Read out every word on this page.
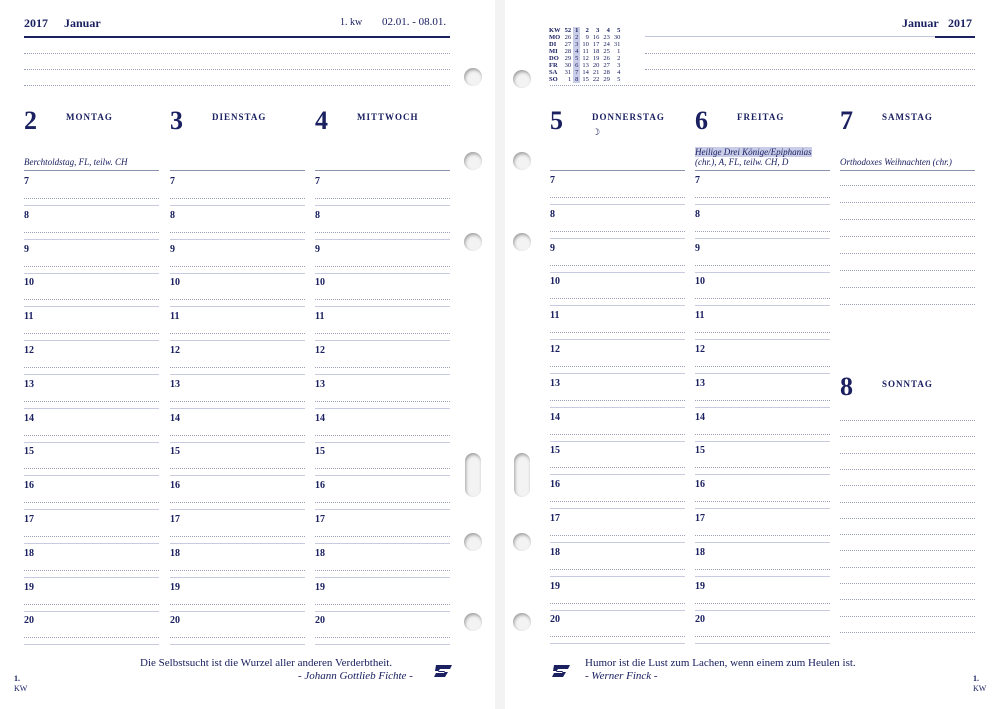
2017 Januar	1. kw 02.01. - 08.01.
2	MONTAG
Berchtoldstag, FL, teilw. CH
7
8
9
10
11
12
13
14
15
16
17
18
19
20
3	DIENSTAG
7
8
9
10
11
12
13
14
15
16
17
18
19
20
4	MITTWOCH
7
8
9
10
11
12
13
14
15
16
17
18
19
20
Die Selbstsucht ist die Wurzel aller anderen Verderbtheit.
- Johann Gottlieb Fichte -
1.
KW
KW	52	1	2	3	4	5
MO	26	2	9	16	23	30
DI	27	3	10	17	24	31
MI	28	4	11	18	25	1
DO	29	5	12	19	26	2
FR	30	6	13	20	27	3
SA	31	7	14	21	28	4
SO	1	8	15	22	29	5
Januar 2017
5	DONNERSTAG
7
8
9
10
11
12
13
14
15
16
17
18
19
20
6	FREITAG
Heilige Drei Könige/Epiphanias
(chr.), A, FL, teilw. CH, D
7
8
9
10
11
12
13
14
15
16
17
18
19
20
7	SAMSTAG
Orthodoxes Weihnachten (chr.)
8	SONNTAG
☽
Humor ist die Lust zum Lachen, wenn einem zum Heulen ist.
- Werner Finck -	1.
KW
